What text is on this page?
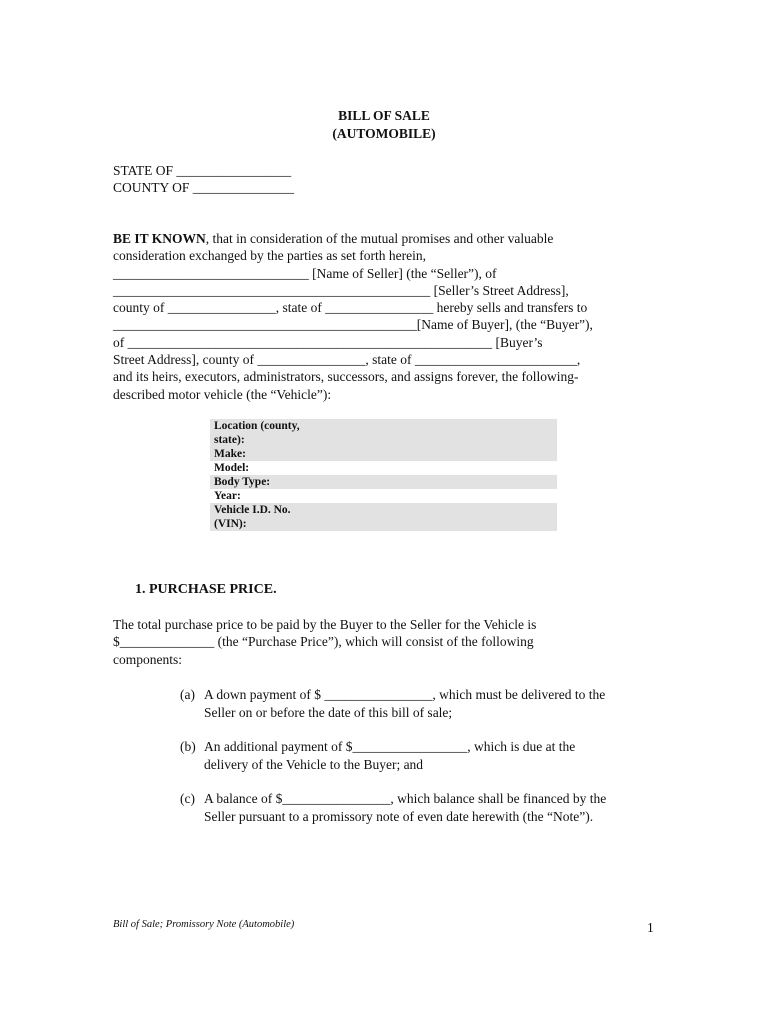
BILL OF SALE
(AUTOMOBILE)
STATE OF _________________
COUNTY OF _______________
BE IT KNOWN, that in consideration of the mutual promises and other valuable
consideration exchanged by the parties as set forth herein,
_____________________________ [Name of Seller] (the “Seller”), of
_______________________________________________ [Seller’s Street Address],
county of ________________, state of ________________ hereby sells and transfers to
_____________________________________________[Name of Buyer], (the “Buyer”),
of ______________________________________________________ [Buyer’s
Street Address], county of ________________, state of ________________________,
and its heirs, executors, administrators, successors, and assigns forever, the following-
described motor vehicle (the “Vehicle”):
Location (county,
state):	
Make:	
Model:	
Body Type:	
Year:	
Vehicle I.D. No.
(VIN):	
1. PURCHASE PRICE.
The total purchase price to be paid by the Buyer to the Seller for the Vehicle is
$______________ (the “Purchase Price”), which will consist of the following
components:
(a) A down payment of $ ________________, which must be delivered to the
Seller on or before the date of this bill of sale;
(b) An additional payment of $_________________, which is due at the
delivery of the Vehicle to the Buyer; and
(c) A balance of $________________, which balance shall be financed by the
Seller pursuant to a promissory note of even date herewith (the “Note”).
Bill of Sale; Promissory Note (Automobile)	1
